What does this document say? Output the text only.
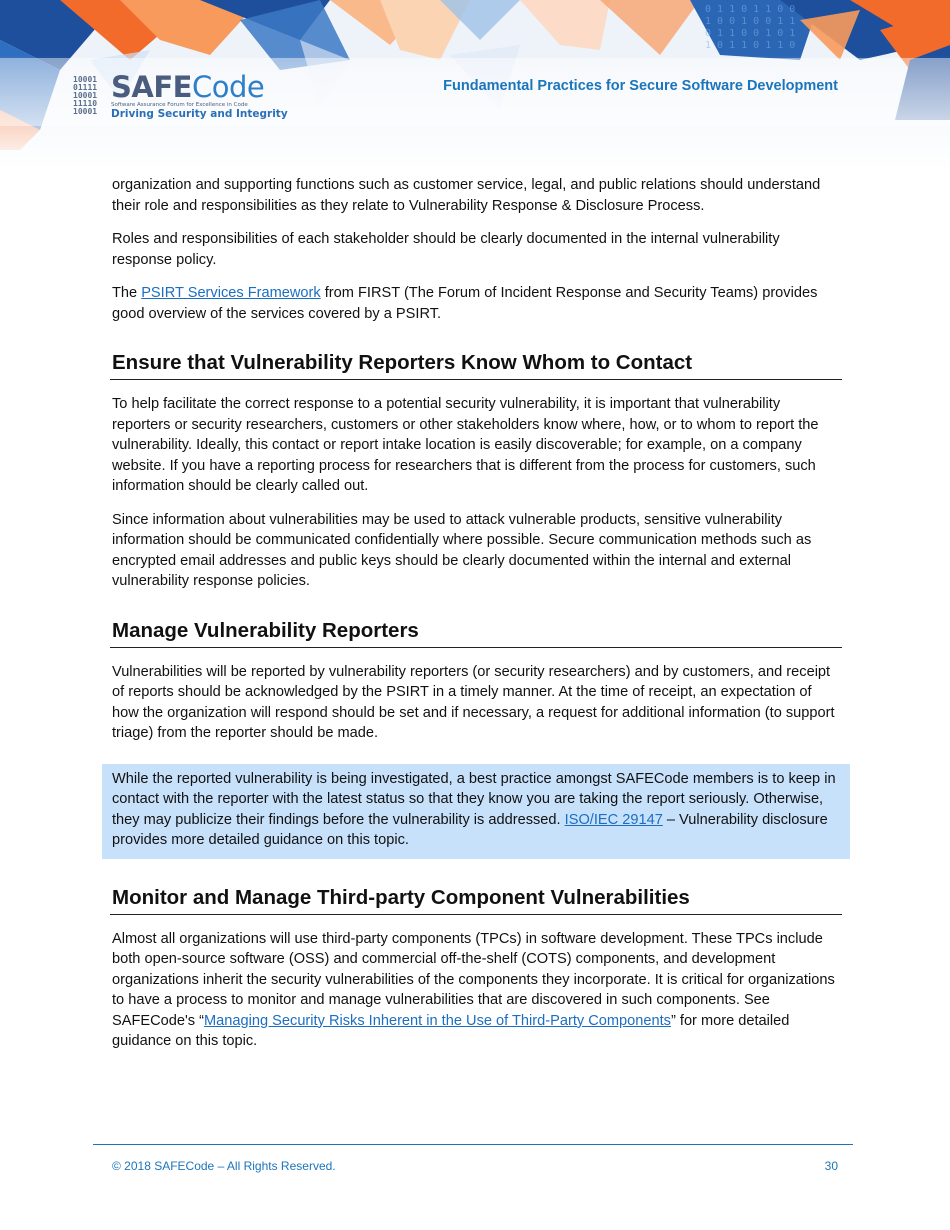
0 1 1 0 1 1 0 0
1 0 0 1 0 0 1 1
0 1 1 0 0 1 0 1
1 0 1 1 0 1 1 0
10001
01111
10001
11110
10001
SAFECode
Software Assurance Forum for Excellence in Code
Driving Security and Integrity
Fundamental Practices for Secure Software Development

organization and supporting functions such as customer service, legal, and public relations should understand their role and responsibilities as they relate to Vulnerability Response & Disclosure Process.

Roles and responsibilities of each stakeholder should be clearly documented in the internal vulnerability response policy.

The PSIRT Services Framework from FIRST (The Forum of Incident Response and Security Teams) provides good overview of the services covered by a PSIRT.

Ensure that Vulnerability Reporters Know Whom to Contact

To help facilitate the correct response to a potential security vulnerability, it is important that vulnerability reporters or security researchers, customers or other stakeholders know where, how, or to whom to report the vulnerability. Ideally, this contact or report intake location is easily discoverable; for example, on a company website. If you have a reporting process for researchers that is different from the process for customers, such information should be clearly called out.

Since information about vulnerabilities may be used to attack vulnerable products, sensitive vulnerability information should be communicated confidentially where possible. Secure communication methods such as encrypted email addresses and public keys should be clearly documented within the internal and external vulnerability response policies.

Manage Vulnerability Reporters

Vulnerabilities will be reported by vulnerability reporters (or security researchers) and by customers, and receipt of reports should be acknowledged by the PSIRT in a timely manner. At the time of receipt, an expectation of how the organization will respond should be set and if necessary, a request for additional information (to support triage) from the reporter should be made.

While the reported vulnerability is being investigated, a best practice amongst SAFECode members is to keep in contact with the reporter with the latest status so that they know you are taking the report seriously. Otherwise, they may publicize their findings before the vulnerability is addressed. ISO/IEC 29147 – Vulnerability disclosure provides more detailed guidance on this topic.

Monitor and Manage Third-party Component Vulnerabilities

Almost all organizations will use third-party components (TPCs) in software development. These TPCs include both open-source software (OSS) and commercial off-the-shelf (COTS) components, and development organizations inherit the security vulnerabilities of the components they incorporate. It is critical for organizations to have a process to monitor and manage vulnerabilities that are discovered in such components. See SAFECode's “Managing Security Risks Inherent in the Use of Third-Party Components” for more detailed guidance on this topic.

© 2018 SAFECode – All Rights Reserved.	30
